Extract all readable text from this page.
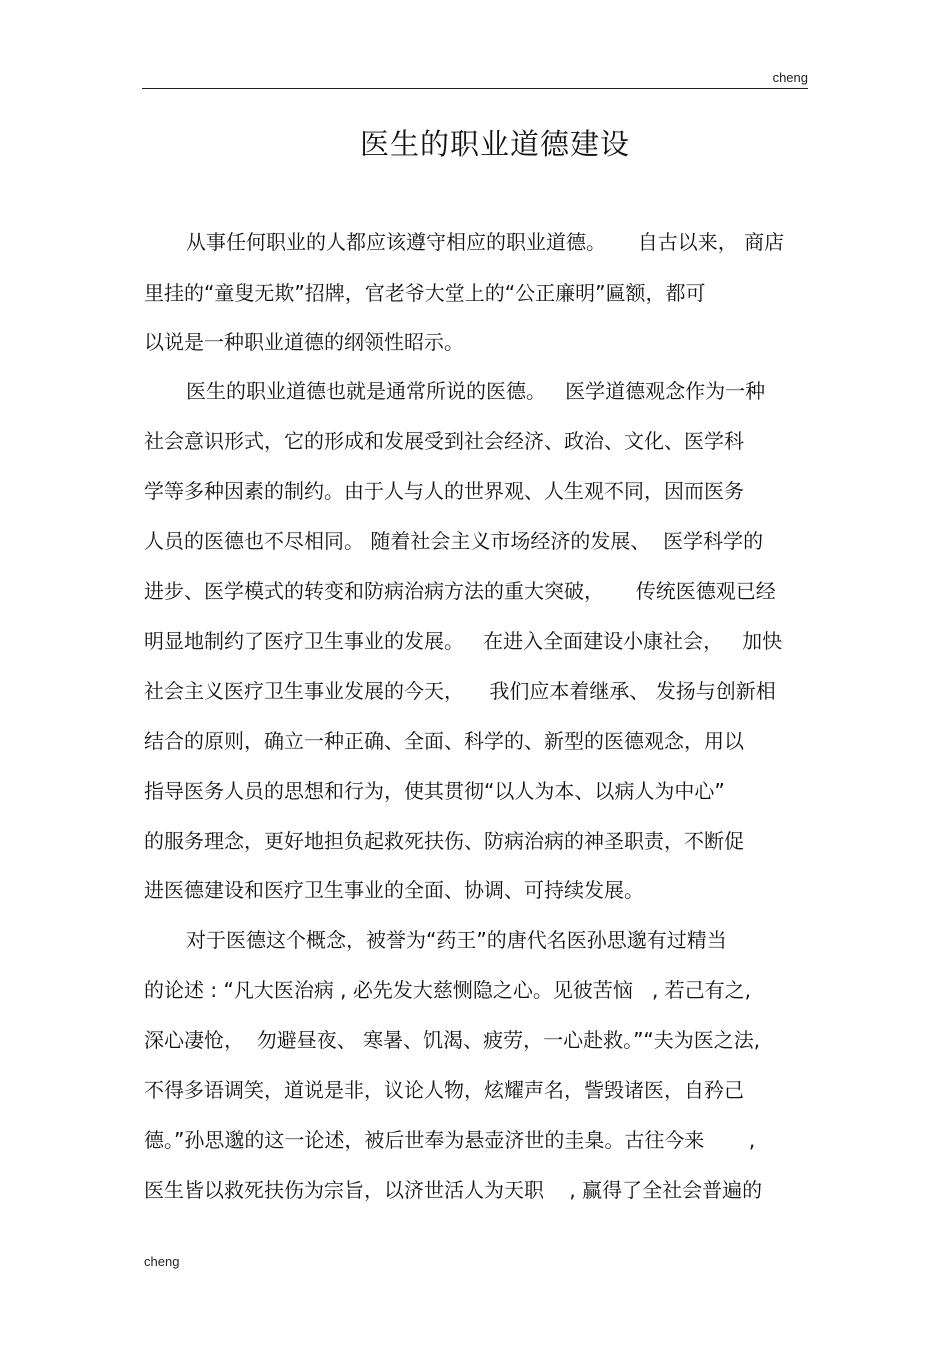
cheng
医生的职业道德建设
从事任何职业的人都应该遵守相应的职业道德。     自古以来， 商店
里挂的“童叟无欺”招牌，官老爷大堂上的“公正廉明”匾额，都可
以说是一种职业道德的纲领性昭示。
医生的职业道德也就是通常所说的医德。   医学道德观念作为一种
社会意识形式，它的形成和发展受到社会经济、政治、文化、医学科
学等多种因素的制约。由于人与人的世界观、人生观不同，因而医务
人员的医德也不尽相同。 随着社会主义市场经济的发展、  医学科学的
进步、医学模式的转变和防病治病方法的重大突破，     传统医德观已经
明显地制约了医疗卫生事业的发展。   在进入全面建设小康社会，   加快
社会主义医疗卫生事业发展的今天，    我们应本着继承、 发扬与创新相
结合的原则，确立一种正确、全面、科学的、新型的医德观念，用以
指导医务人员的思想和行为，使其贯彻“以人为本、以病人为中心”
的服务理念，更好地担负起救死扶伤、防病治病的神圣职责，不断促
进医德建设和医疗卫生事业的全面、协调、可持续发展。
对于医德这个概念，被誉为“药王”的唐代名医孙思邈有过精当
的论述 : “凡大医治病 , 必先发大慈恻隐之心。见彼苦恼   , 若己有之,
深心凄怆，  勿避昼夜、 寒暑、饥渴、疲劳，一心赴救。”“夫为医之法,
不得多语调笑，道说是非，议论人物，炫耀声名，訾毁诸医，自矜己
德。”孙思邈的这一论述，被后世奉为悬壶济世的圭臬。古往今来       ,
医生皆以救死扶伤为宗旨，以济世活人为天职    , 赢得了全社会普遍的
cheng
